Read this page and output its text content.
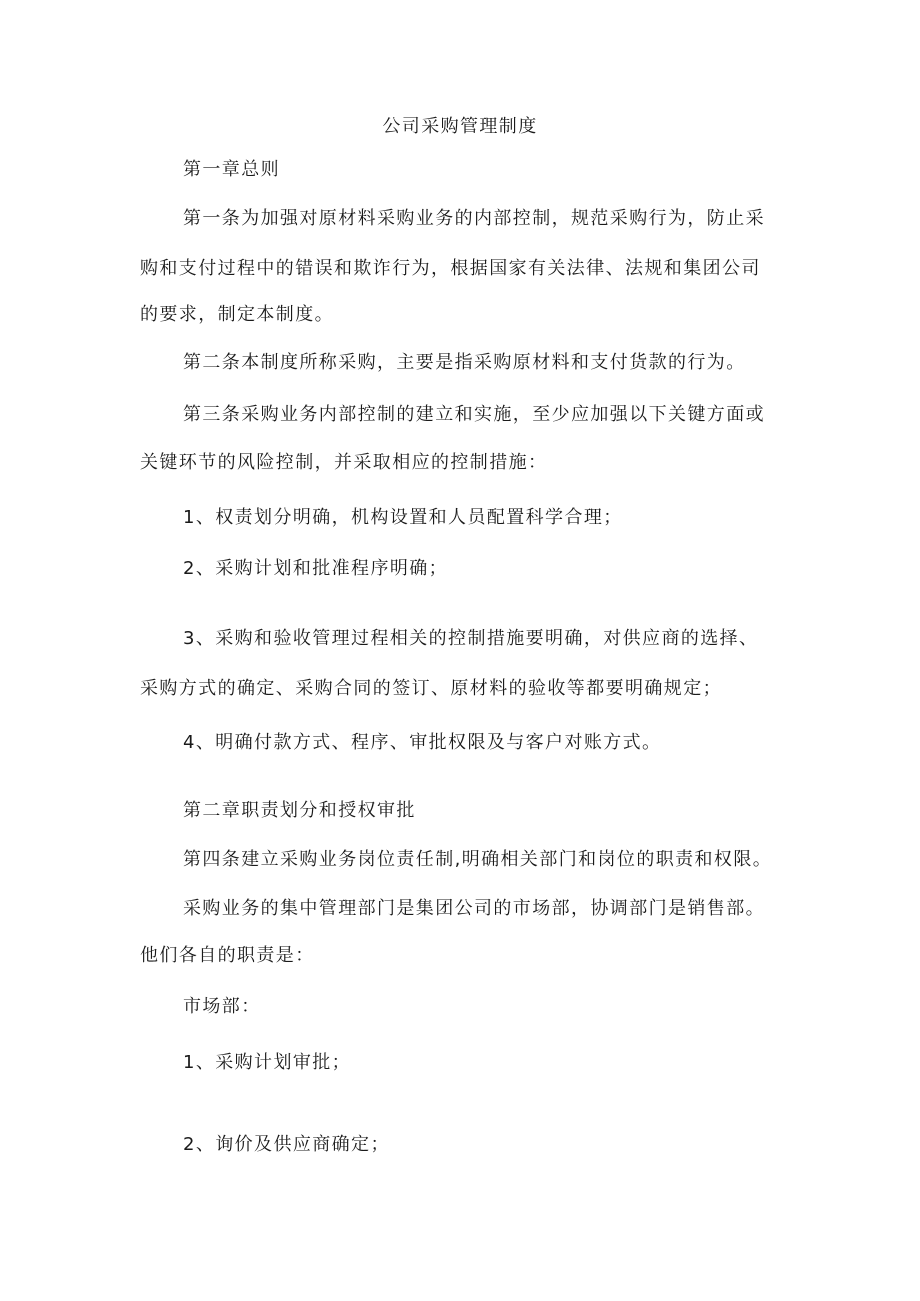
公司采购管理制度

第一章总则

第一条为加强对原材料采购业务的内部控制，规范采购行为，防止采

购和支付过程中的错误和欺诈行为，根据国家有关法律、法规和集团公司

的要求，制定本制度。

第二条本制度所称采购，主要是指采购原材料和支付货款的行为。

第三条采购业务内部控制的建立和实施，至少应加强以下关键方面或

关键环节的风险控制，并采取相应的控制措施：

1、权责划分明确，机构设置和人员配置科学合理；

2、采购计划和批准程序明确；

3、采购和验收管理过程相关的控制措施要明确，对供应商的选择、

采购方式的确定、采购合同的签订、原材料的验收等都要明确规定；

4、明确付款方式、程序、审批权限及与客户对账方式。

第二章职责划分和授权审批

第四条建立采购业务岗位责任制,明确相关部门和岗位的职责和权限。

采购业务的集中管理部门是集团公司的市场部，协调部门是销售部。

他们各自的职责是：

市场部：

1、采购计划审批；

2、询价及供应商确定；
